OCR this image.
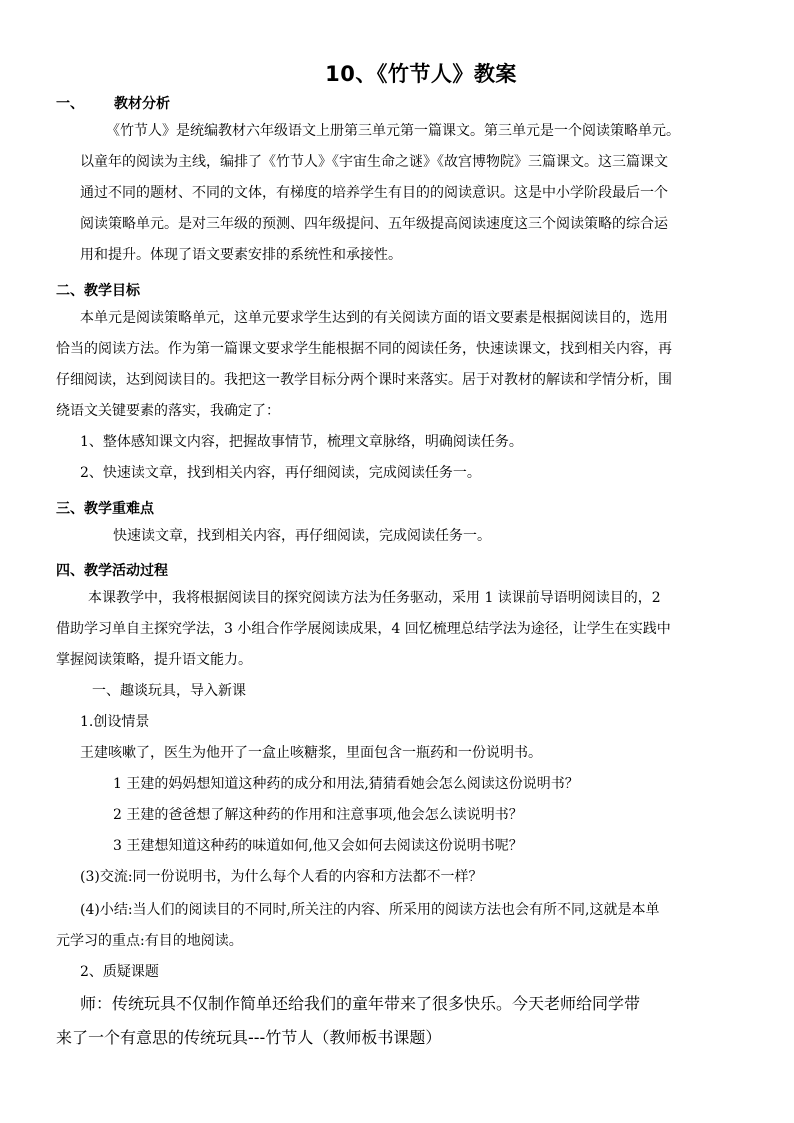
10、《竹节人》教案
一、 教材分析
《竹节人》是统编教材六年级语文上册第三单元第一篇课文。第三单元是一个阅读策略单元。
以童年的阅读为主线，编排了《竹节人》《宇宙生命之谜》《故宫博物院》三篇课文。这三篇课文
通过不同的题材、不同的文体，有梯度的培养学生有目的的阅读意识。这是中小学阶段最后一个
阅读策略单元。是对三年级的预测、四年级提问、五年级提高阅读速度这三个阅读策略的综合运
用和提升。体现了语文要素安排的系统性和承接性。
二、教学目标
本单元是阅读策略单元，这单元要求学生达到的有关阅读方面的语文要素是根据阅读目的，选用
恰当的阅读方法。作为第一篇课文要求学生能根据不同的阅读任务，快速读课文，找到相关内容，再
仔细阅读，达到阅读目的。我把这一教学目标分两个课时来落实。居于对教材的解读和学情分析，围
绕语文关键要素的落实，我确定了：
1、整体感知课文内容，把握故事情节，梳理文章脉络，明确阅读任务。
2、快速读文章，找到相关内容，再仔细阅读，完成阅读任务一。
三、教学重难点
快速读文章，找到相关内容，再仔细阅读，完成阅读任务一。
四、教学活动过程
本课教学中，我将根据阅读目的探究阅读方法为任务驱动，采用 1 读课前导语明阅读目的，2
借助学习单自主探究学法，3 小组合作学展阅读成果，4 回忆梳理总结学法为途径，让学生在实践中
掌握阅读策略，提升语文能力。
一、趣谈玩具，导入新课
1.创设情景
王建咳嗽了，医生为他开了一盒止咳糖浆，里面包含一瓶药和一份说明书。
1 王建的妈妈想知道这种药的成分和用法,猜猜看她会怎么阅读这份说明书？
2 王建的爸爸想了解这种药的作用和注意事项,他会怎么读说明书？
3 王建想知道这种药的味道如何,他又会如何去阅读这份说明书呢？
(3)交流:同一份说明书，为什么每个人看的内容和方法都不一样？
(4)小结:当人们的阅读目的不同时,所关注的内容、所采用的阅读方法也会有所不同,这就是本单
元学习的重点:有目的地阅读。
2、质疑课题
师：传统玩具不仅制作简单还给我们的童年带来了很多快乐。今天老师给同学带
来了一个有意思的传统玩具---竹节人（教师板书课题）
